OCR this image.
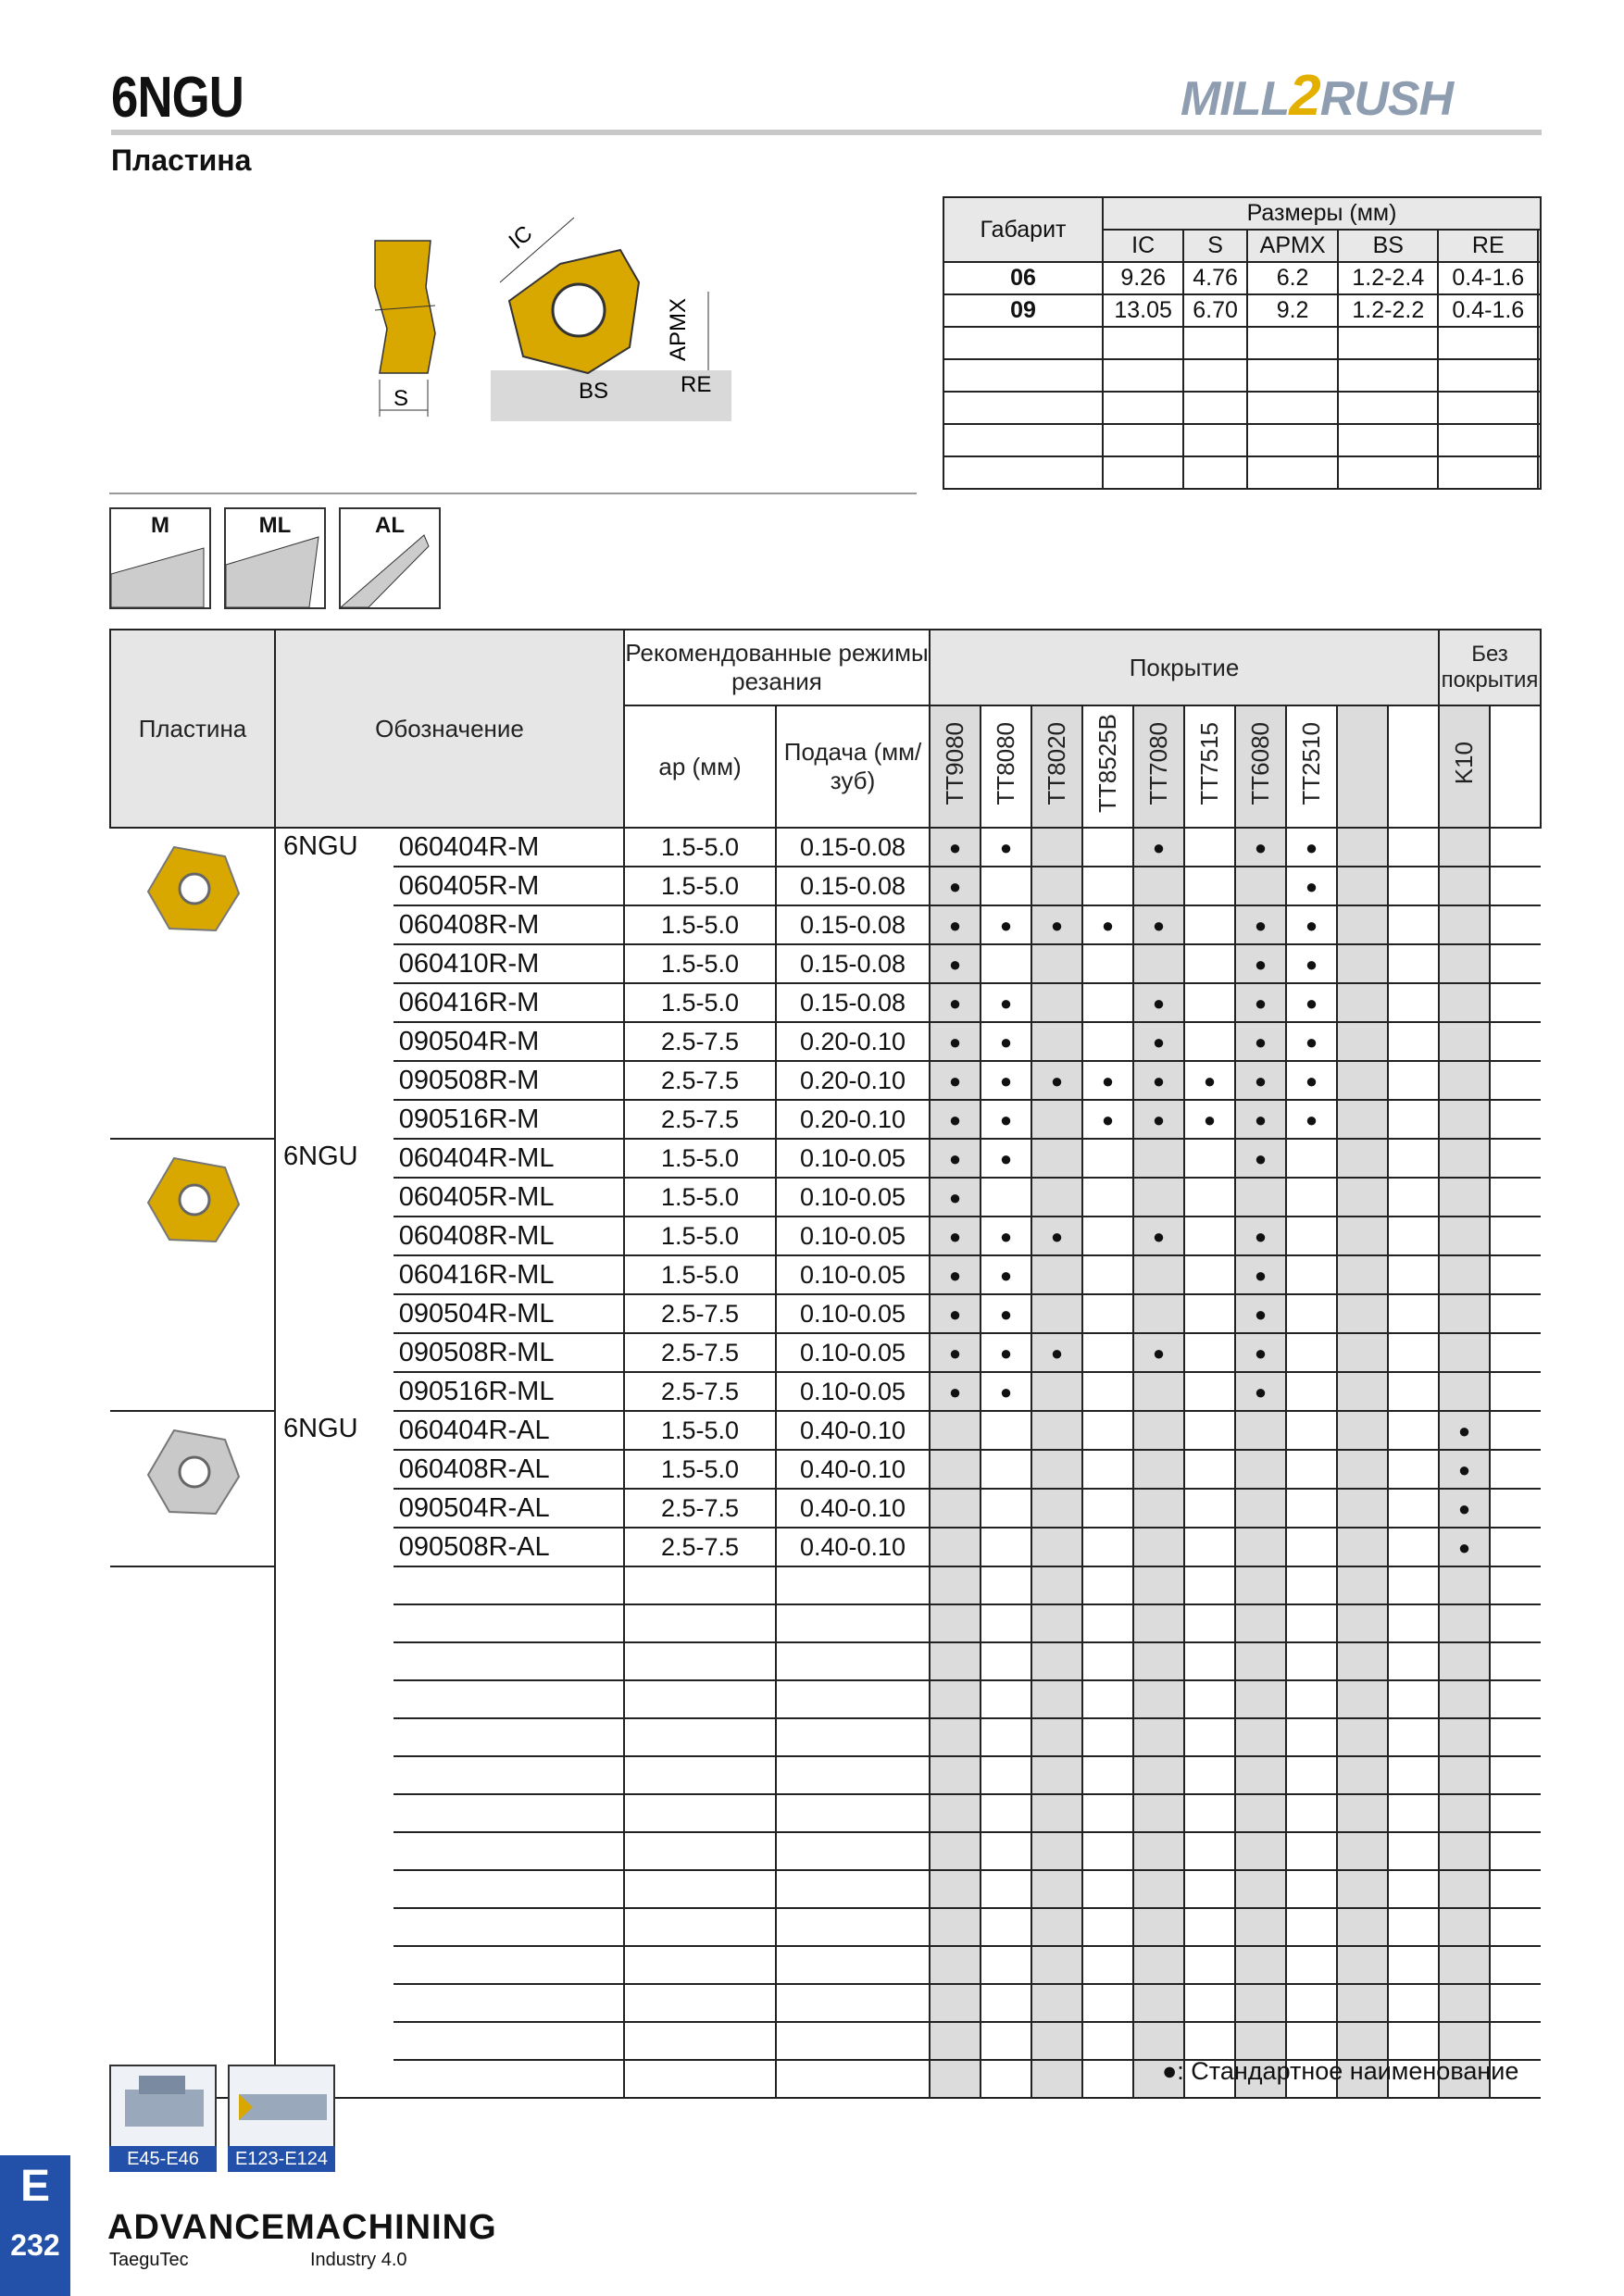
6NGU
Пластина
MILL2RUSH
S
IC
APMX
BS	RE
M	ML	AL
Габарит	Размеры (мм)					
	IC	S	APMX	BS	RE	
06	9.26	4.76	6.2	1.2-2.4	0.4-1.6	
09	13.05	6.70	9.2	1.2-2.2	0.4-1.6	

Пластина	Обозначение		Рекомендованные режимы резания		Покрытие										Без покрытия	
			ap (мм)	Подача (мм/зуб)	TT9080	TT8080	TT8020	TT8525B	TT7080	TT7515	TT6080	TT2510			K10	
	6NGU	060404R-M	1.5-5.0	0.15-0.08	●	●			●		●	●				
		060405R-M	1.5-5.0	0.15-0.08	●							●				
		060408R-M	1.5-5.0	0.15-0.08	●	●	●	●	●		●	●				
		060410R-M	1.5-5.0	0.15-0.08	●						●	●				
		060416R-M	1.5-5.0	0.15-0.08	●	●			●		●	●				
		090504R-M	2.5-7.5	0.20-0.10	●	●			●		●	●				
		090508R-M	2.5-7.5	0.20-0.10	●	●	●	●	●	●	●	●				
		090516R-M	2.5-7.5	0.20-0.10	●	●		●	●	●	●	●				
	6NGU	060404R-ML	1.5-5.0	0.10-0.05	●	●					●					
		060405R-ML	1.5-5.0	0.10-0.05	●											
		060408R-ML	1.5-5.0	0.10-0.05	●	●	●		●		●					
		060416R-ML	1.5-5.0	0.10-0.05	●	●					●					
		090504R-ML	2.5-7.5	0.10-0.05	●	●					●					
		090508R-ML	2.5-7.5	0.10-0.05	●	●	●		●		●					
		090516R-ML	2.5-7.5	0.10-0.05	●	●					●					
	6NGU	060404R-AL	1.5-5.0	0.40-0.10											●	
		060408R-AL	1.5-5.0	0.40-0.10											●	
		090504R-AL	2.5-7.5	0.40-0.10											●	
		090508R-AL	2.5-7.5	0.40-0.10											●	

●: Стандартное наименование
E45-E46	E123-E124
E
232 ADVANCEMACHINING
TaeguTec	Industry 4.0
